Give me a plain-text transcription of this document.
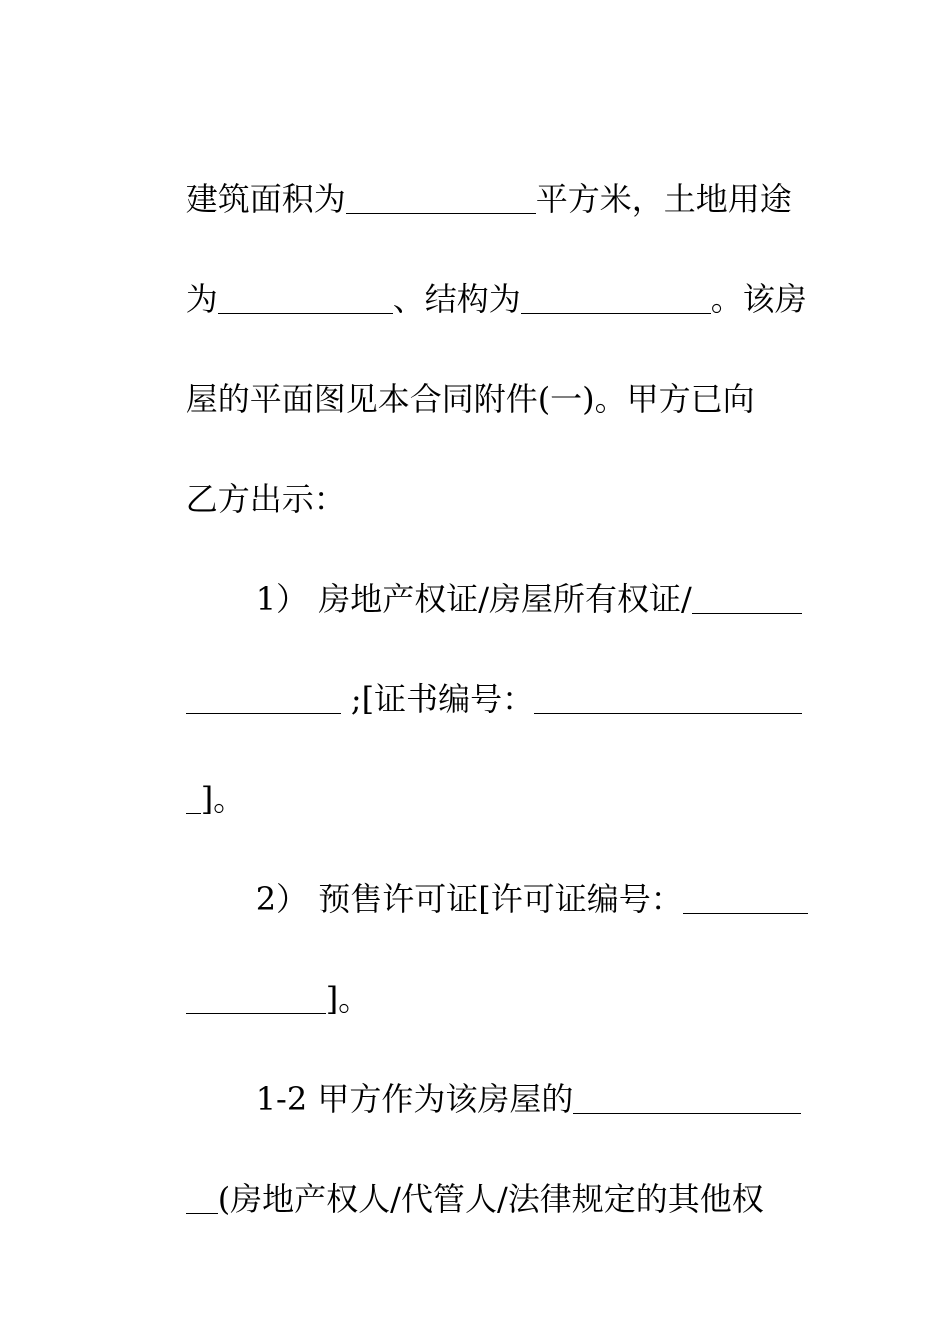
建筑面积为	平方米，土地用途

为	、结构为	。该房

屋的平面图见本合同附件(一)。甲方已向

乙方出示：

1） 房地产权证/房屋所有权证/

;[证书编号：

]。

2） 预售许可证[许可证编号：

]。

1-2 甲方作为该房屋的

(房地产权人/代管人/法律规定的其他权
